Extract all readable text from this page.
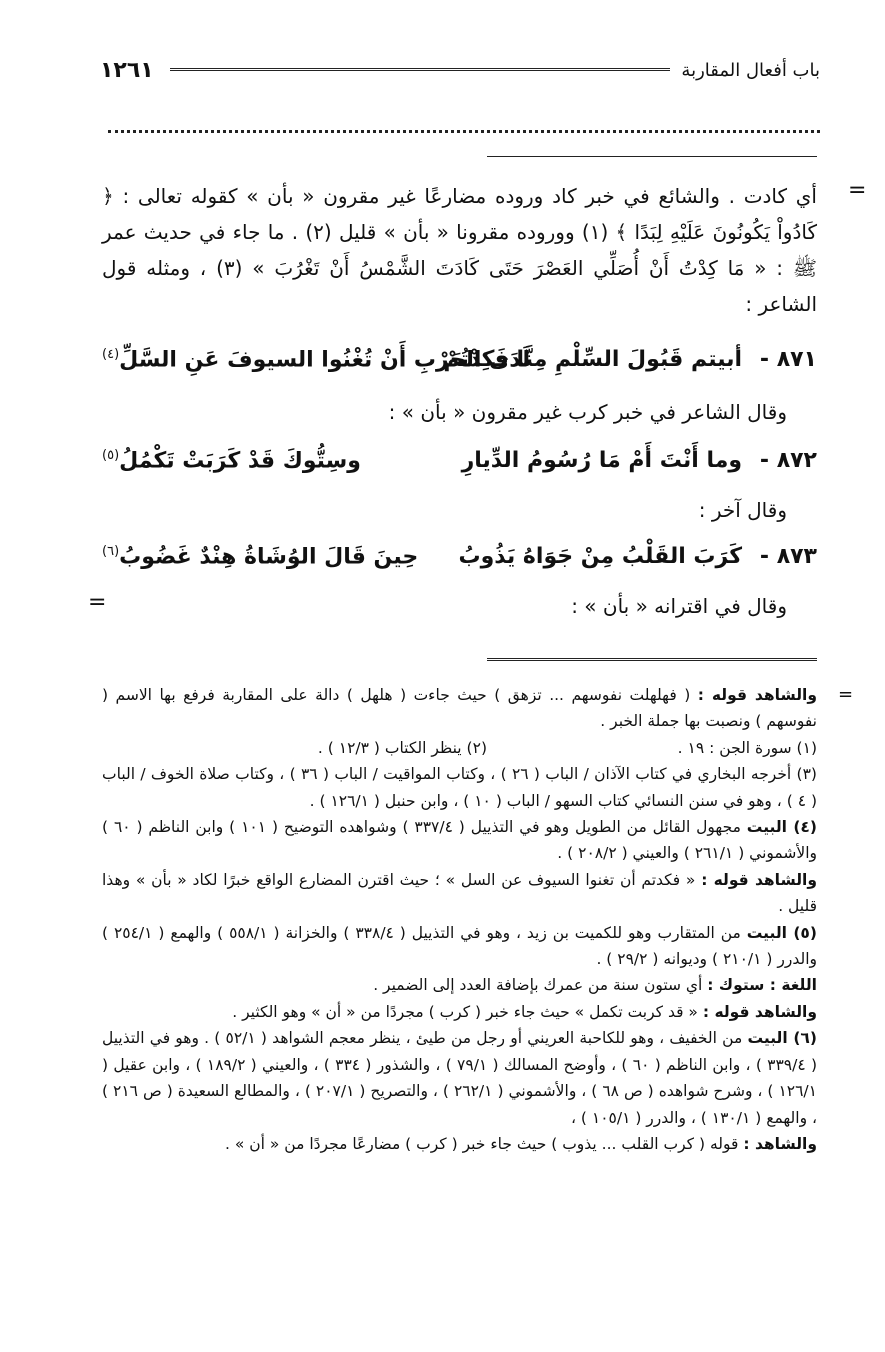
باب أفعال المقاربة
١٢٦١
=

أي كادت . والشائع في خبر كاد وروده مضارعًا غير مقرون « بأن » كقوله تعالى : ﴿ كَادُواْ يَكُونُونَ عَلَيْهِ لِبَدًا ﴾ (١) ووروده مقرونا « بأن » قليل (٢) . ما جاء في حديث عمر ﷺ : « مَا كِدْتُ أَنْ أُصَلِّي العَصْرَ حَتَى كَادَتَ الشَّمْسُ أَنْ تَغْرُبَ » (٣) ، ومثله قول الشاعر :

٨٧١ -
أبيتم قَبُولَ السِّلْمِ مِنَّا فَكِدْتُمْ
لَدَى الحَرْبِ أَنْ تُغْنُوا السيوفَ عَنِ السَّلِّ$^{(٤)}$
وقال الشاعر في خبر كرب غير مقرون « بأن » :
٨٧٢ -
وما أَنْتَ أَمْ مَا رُسُومُ الدِّيارِ
وسِتُّوكَ قَدْ كَرَبَتْ تَكْمُلُ$^{(٥)}$
وقال آخر :
٨٧٣ -
كَرَبَ القَلْبُ مِنْ جَوَاهُ يَذُوبُ
حِينَ قَالَ الوُشَاةُ هِنْدٌ غَضُوبُ$^{(٦)}$
=	وقال في اقترانه « بأن » :
=

والشاهد قوله : ( فهلهلت نفوسهم ... تزهق ) حيث جاءت ( هلهل ) دالة على المقاربة فرفع بها الاسم ( نفوسهم ) ونصبت بها جملة الخبر .

(١) سورة الجن : ١٩ .(٢) ينظر الكتاب ( ١٢/٣ ) .

(٣) أخرجه البخاري في كتاب الآذان / الباب ( ٢٦ ) ، وكتاب المواقيت / الباب ( ٣٦ ) ، وكتاب صلاة الخوف / الباب ( ٤ ) ، وهو في سنن النسائي كتاب السهو / الباب ( ١٠ ) ، وابن حنبل ( ١٢٦/١ ) .

(٤) البيت مجهول القائل من الطويل وهو في التذييل ( ٣٣٧/٤ ) وشواهده التوضيح ( ١٠١ ) وابن الناظم ( ٦٠ ) والأشموني ( ٢٦١/١ ) والعيني ( ٢٠٨/٢ ) .

والشاهد قوله : « فكدتم أن تغنوا السيوف عن السل » ؛ حيث اقترن المضارع الواقع خبرًا لكاد « بأن » وهذا قليل .

(٥) البيت من المتقارب وهو للكميت بن زيد ، وهو في التذييل ( ٣٣٨/٤ ) والخزانة ( ٥٥٨/١ ) والهمع ( ٢٥٤/١ ) والدرر ( ٢١٠/١ ) وديوانه ( ٢٩/٢ ) .

اللغة : ستوك : أي ستون سنة من عمرك بإضافة العدد إلى الضمير .

والشاهد قوله : « قد كربت تكمل » حيث جاء خبر ( كرب ) مجردًا من « أن » وهو الكثير .

(٦) البيت من الخفيف ، وهو للكاحبة العريني أو رجل من طيئ ، ينظر معجم الشواهد ( ٥٢/١ ) . وهو في التذييل ( ٣٣٩/٤ ) ، وابن الناظم ( ٦٠ ) ، وأوضح المسالك ( ٧٩/١ ) ، والشذور ( ٣٣٤ ) ، والعيني ( ١٨٩/٢ ) ، وابن عقيل ( ١٢٦/١ ) ، وشرح شواهده ( ص ٦٨ ) ، والأشموني ( ٢٦٢/١ ) ، والتصريح ( ٢٠٧/١ ) ، والمطالع السعيدة ( ص ٢١٦ ) ، والهمع ( ١٣٠/١ ) ، والدرر ( ١٠٥/١ ) ،

والشاهد : قوله ( كرب القلب ... يذوب ) حيث جاء خبر ( كرب ) مضارعًا مجردًا من « أن » .
